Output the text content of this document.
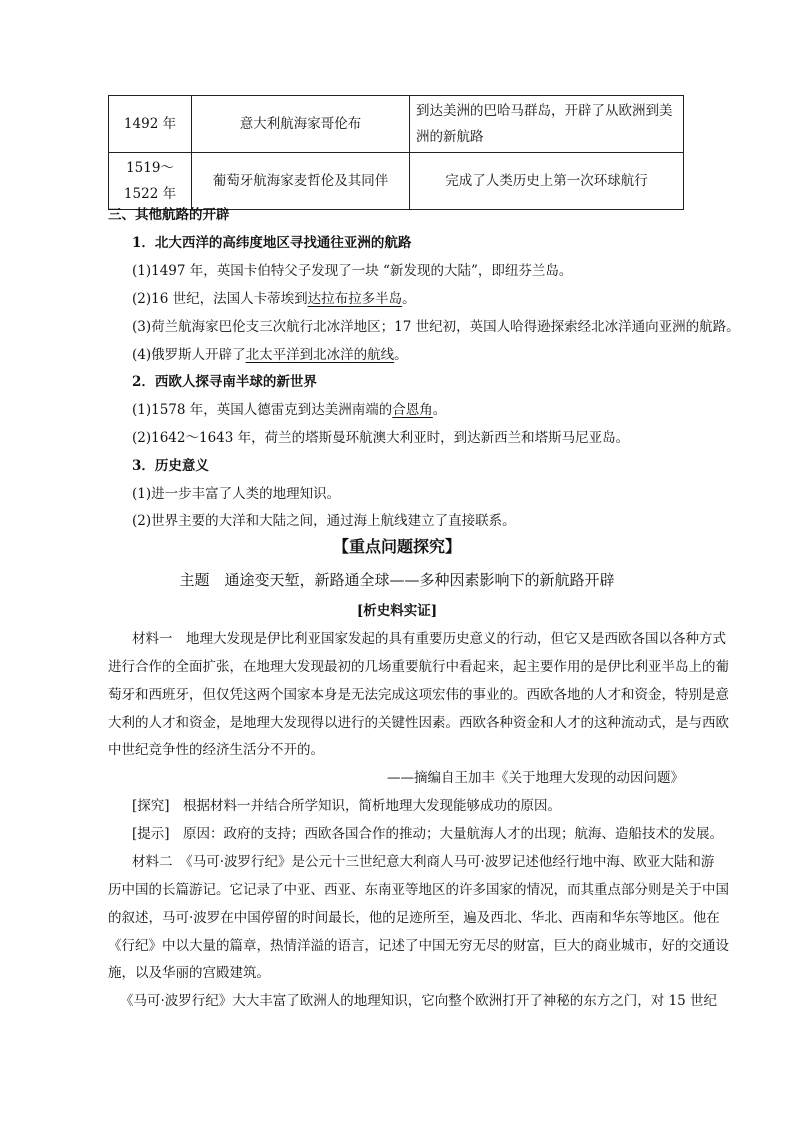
1492 年	意大利航海家哥伦布	到达美洲的巴哈马群岛，开辟了从欧洲到美洲的新航路
1519～1522 年	葡萄牙航海家麦哲伦及其同伴	完成了人类历史上第一次环球航行
三、其他航路的开辟
1．北大西洋的高纬度地区寻找通往亚洲的航路
(1)1497 年，英国卡伯特父子发现了一块 “新发现的大陆”，即纽芬兰岛。
(2)16 世纪，法国人卡蒂埃到达拉布拉多半岛。
(3)荷兰航海家巴伦支三次航行北冰洋地区；17 世纪初，英国人哈得逊探索经北冰洋通向亚洲的航路。
(4)俄罗斯人开辟了北太平洋到北冰洋的航线。
2．西欧人探寻南半球的新世界
(1)1578 年，英国人德雷克到达美洲南端的合恩角。
(2)1642～1643 年，荷兰的塔斯曼环航澳大利亚时，到达新西兰和塔斯马尼亚岛。
3．历史意义
(1)进一步丰富了人类的地理知识。
(2)世界主要的大洋和大陆之间，通过海上航线建立了直接联系。
【重点问题探究】
主题　通途变天堑，新路通全球——多种因素影响下的新航路开辟
[析史料实证]
材料一　地理大发现是伊比利亚国家发起的具有重要历史意义的行动，但它又是西欧各国以各种方式
进行合作的全面扩张，在地理大发现最初的几场重要航行中看起来，起主要作用的是伊比利亚半岛上的葡
萄牙和西班牙，但仅凭这两个国家本身是无法完成这项宏伟的事业的。西欧各地的人才和资金，特别是意
大利的人才和资金，是地理大发现得以进行的关键性因素。西欧各种资金和人才的这种流动式，是与西欧
中世纪竞争性的经济生活分不开的。
——摘编自王加丰《关于地理大发现的动因问题》
[探究]　根据材料一并结合所学知识，简析地理大发现能够成功的原因。
[提示]　原因：政府的支持；西欧各国合作的推动；大量航海人才的出现；航海、造船技术的发展。
材料二　《马可·波罗行纪》是公元十三世纪意大利商人马可·波罗记述他经行地中海、欧亚大陆和游
历中国的长篇游记。它记录了中亚、西亚、东南亚等地区的许多国家的情况，而其重点部分则是关于中国
的叙述，马可·波罗在中国停留的时间最长，他的足迹所至，遍及西北、华北、西南和华东等地区。他在
《行纪》中以大量的篇章，热情洋溢的语言，记述了中国无穷无尽的财富，巨大的商业城市，好的交通设
施，以及华丽的宫殿建筑。
《马可·波罗行纪》大大丰富了欧洲人的地理知识，它向整个欧洲打开了神秘的东方之门，对 15 世纪
